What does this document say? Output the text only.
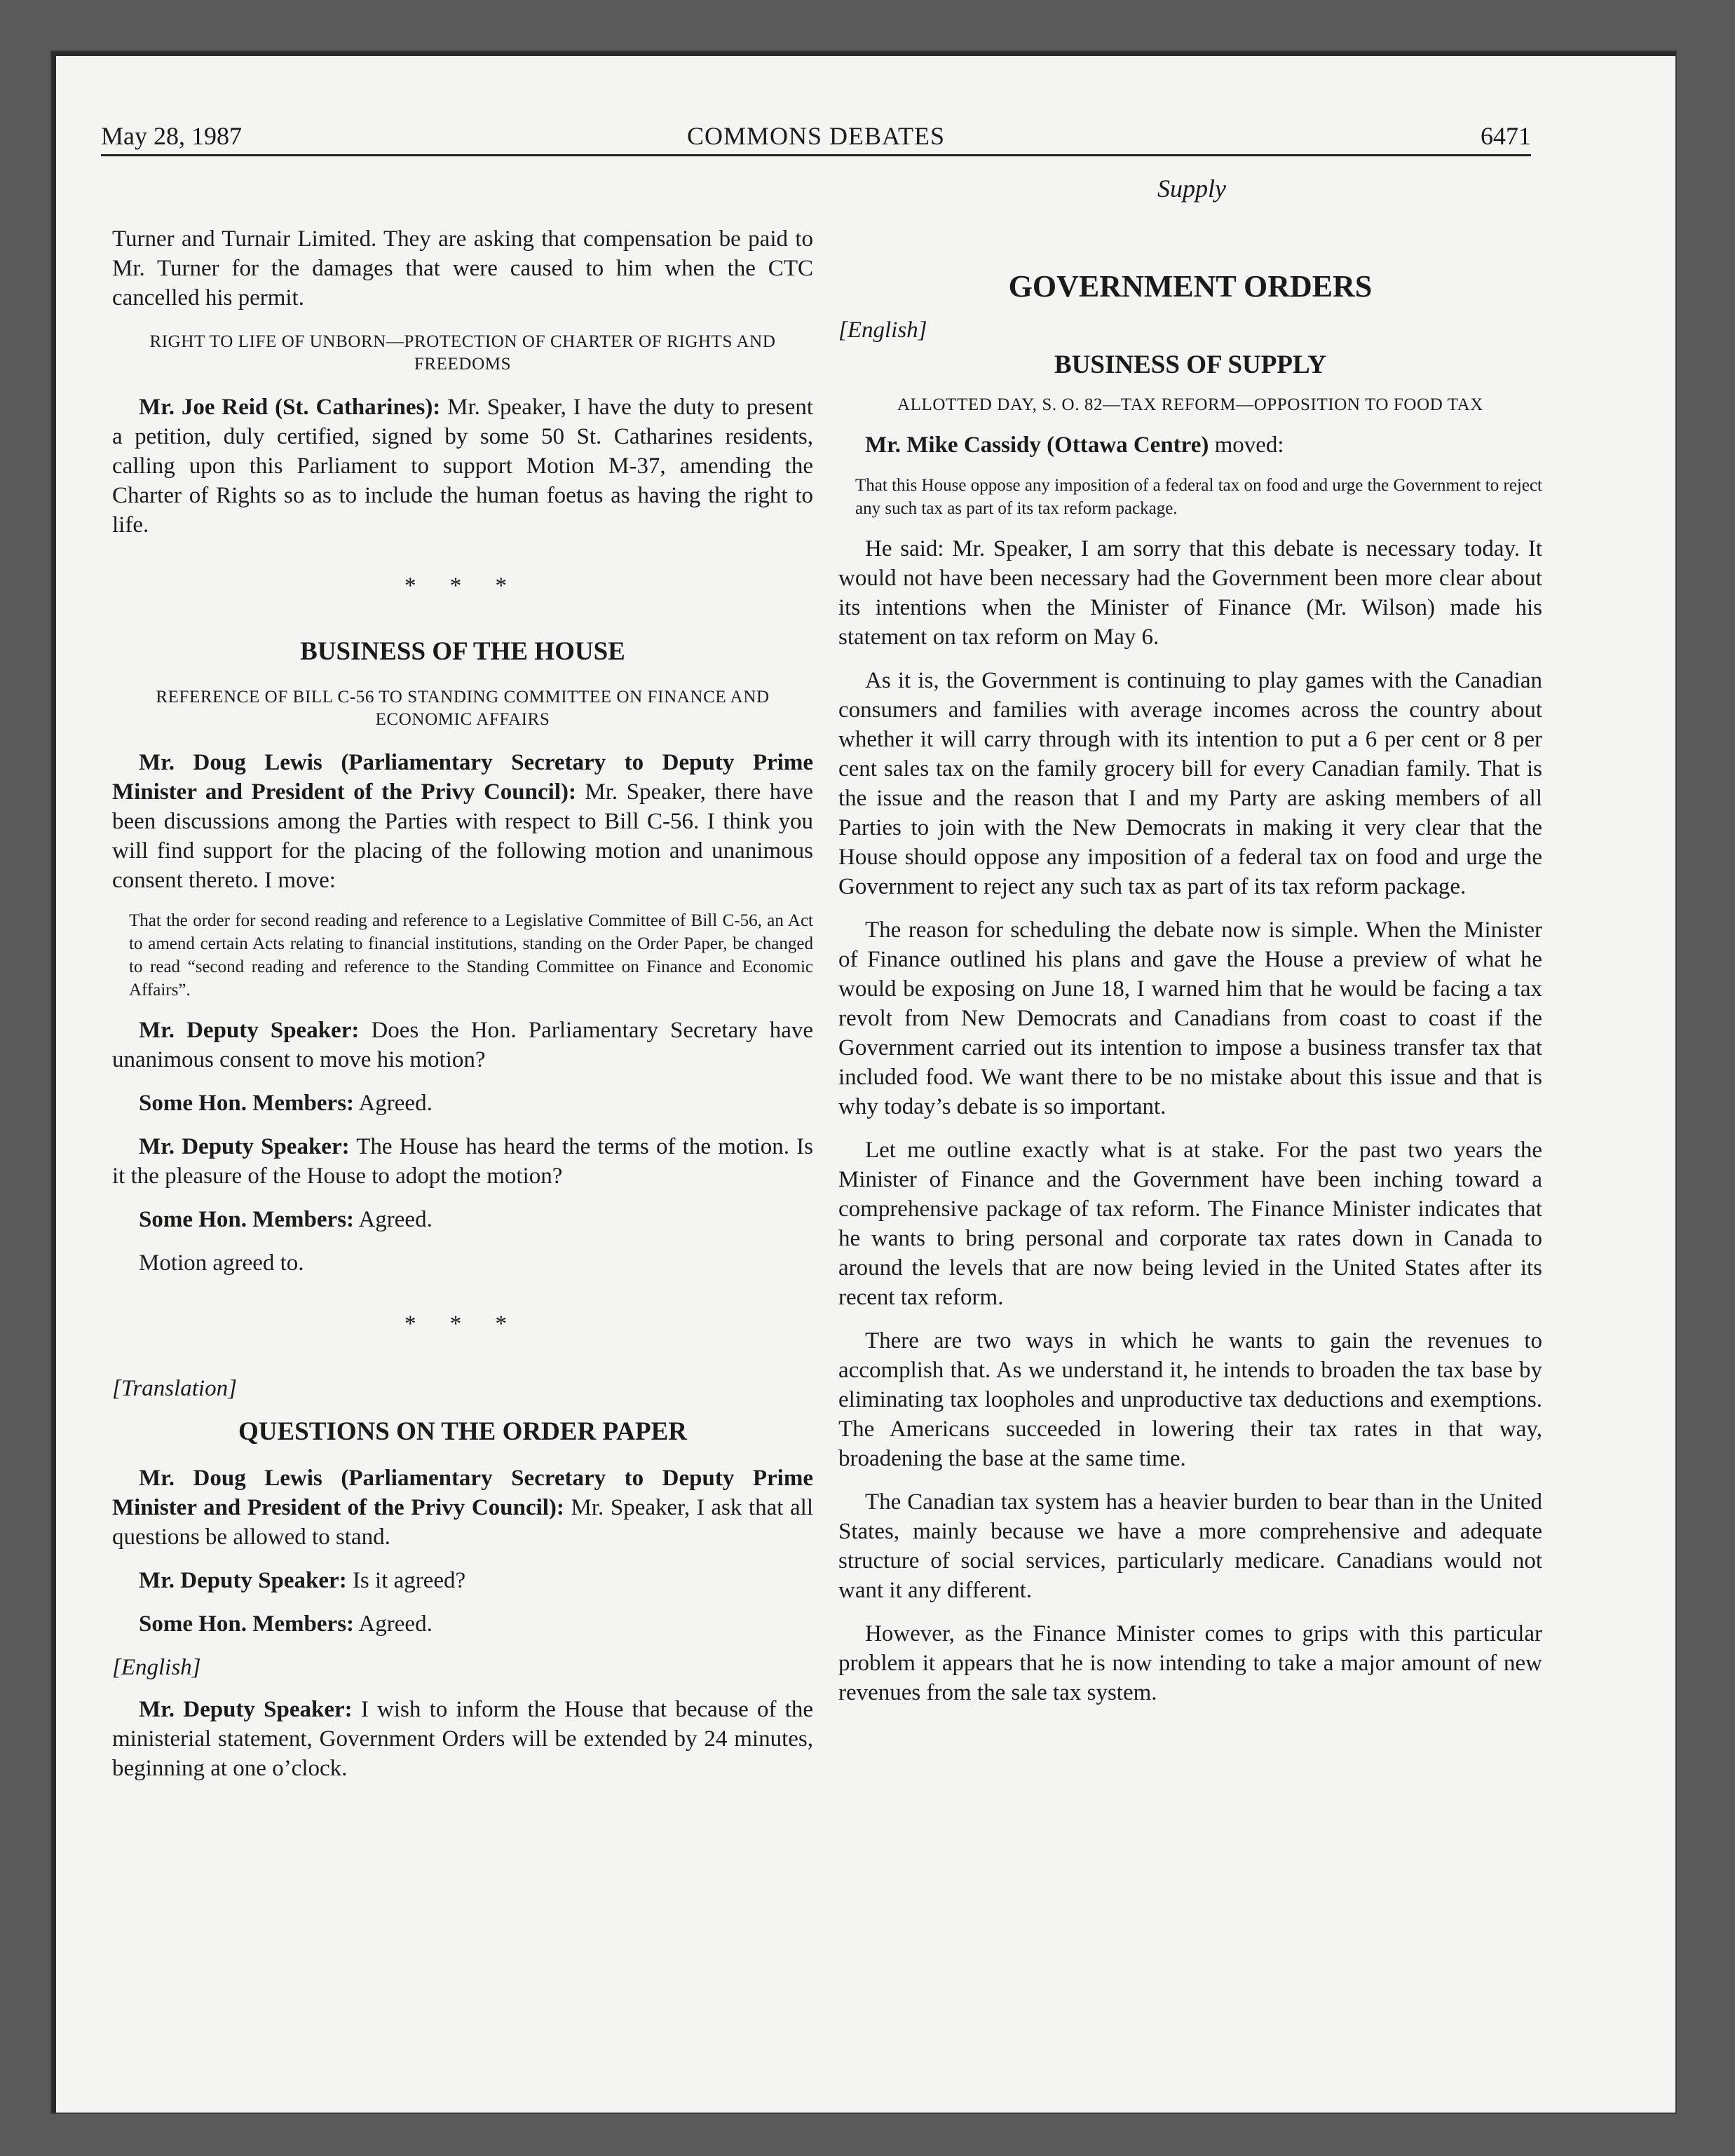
May 28, 1987	COMMONS DEBATES	6471
Supply

Turner and Turnair Limited. They are asking that compensation be paid to Mr. Turner for the damages that were caused to him when the CTC cancelled his permit.

RIGHT TO LIFE OF UNBORN—PROTECTION OF CHARTER OF RIGHTS AND FREEDOMS

Mr. Joe Reid (St. Catharines): Mr. Speaker, I have the duty to present a petition, duly certified, signed by some 50 St. Catharines residents, calling upon this Parliament to support Motion M-37, amending the Charter of Rights so as to include the human foetus as having the right to life.

* * *

BUSINESS OF THE HOUSE

REFERENCE OF BILL C-56 TO STANDING COMMITTEE ON FINANCE AND ECONOMIC AFFAIRS

Mr. Doug Lewis (Parliamentary Secretary to Deputy Prime Minister and President of the Privy Council): Mr. Speaker, there have been discussions among the Parties with respect to Bill C-56. I think you will find support for the placing of the following motion and unanimous consent thereto. I move:

That the order for second reading and reference to a Legislative Committee of Bill C-56, an Act to amend certain Acts relating to financial institutions, standing on the Order Paper, be changed to read “second reading and reference to the Standing Committee on Finance and Economic Affairs”.

Mr. Deputy Speaker: Does the Hon. Parliamentary Secretary have unanimous consent to move his motion?

Some Hon. Members: Agreed.

Mr. Deputy Speaker: The House has heard the terms of the motion. Is it the pleasure of the House to adopt the motion?

Some Hon. Members: Agreed.

Motion agreed to.

* * *

[Translation]

QUESTIONS ON THE ORDER PAPER

Mr. Doug Lewis (Parliamentary Secretary to Deputy Prime Minister and President of the Privy Council): Mr. Speaker, I ask that all questions be allowed to stand.

Mr. Deputy Speaker: Is it agreed?

Some Hon. Members: Agreed.

[English]

Mr. Deputy Speaker: I wish to inform the House that because of the ministerial statement, Government Orders will be extended by 24 minutes, beginning at one o’clock.

GOVERNMENT ORDERS

[English]

BUSINESS OF SUPPLY

ALLOTTED DAY, S. O. 82—TAX REFORM—OPPOSITION TO FOOD TAX

Mr. Mike Cassidy (Ottawa Centre) moved:

That this House oppose any imposition of a federal tax on food and urge the Government to reject any such tax as part of its tax reform package.

He said: Mr. Speaker, I am sorry that this debate is necessary today. It would not have been necessary had the Government been more clear about its intentions when the Minister of Finance (Mr. Wilson) made his statement on tax reform on May 6.

As it is, the Government is continuing to play games with the Canadian consumers and families with average incomes across the country about whether it will carry through with its intention to put a 6 per cent or 8 per cent sales tax on the family grocery bill for every Canadian family. That is the issue and the reason that I and my Party are asking members of all Parties to join with the New Democrats in making it very clear that the House should oppose any imposition of a federal tax on food and urge the Government to reject any such tax as part of its tax reform package.

The reason for scheduling the debate now is simple. When the Minister of Finance outlined his plans and gave the House a preview of what he would be exposing on June 18, I warned him that he would be facing a tax revolt from New Democrats and Canadians from coast to coast if the Government carried out its intention to impose a business transfer tax that included food. We want there to be no mistake about this issue and that is why today’s debate is so important.

Let me outline exactly what is at stake. For the past two years the Minister of Finance and the Government have been inching toward a comprehensive package of tax reform. The Finance Minister indicates that he wants to bring personal and corporate tax rates down in Canada to around the levels that are now being levied in the United States after its recent tax reform.

There are two ways in which he wants to gain the revenues to accomplish that. As we understand it, he intends to broaden the tax base by eliminating tax loopholes and unproductive tax deductions and exemptions. The Americans succeeded in lowering their tax rates in that way, broadening the base at the same time.

The Canadian tax system has a heavier burden to bear than in the United States, mainly because we have a more comprehensive and adequate structure of social services, particularly medicare. Canadians would not want it any different.

However, as the Finance Minister comes to grips with this particular problem it appears that he is now intending to take a major amount of new revenues from the sale tax system.
